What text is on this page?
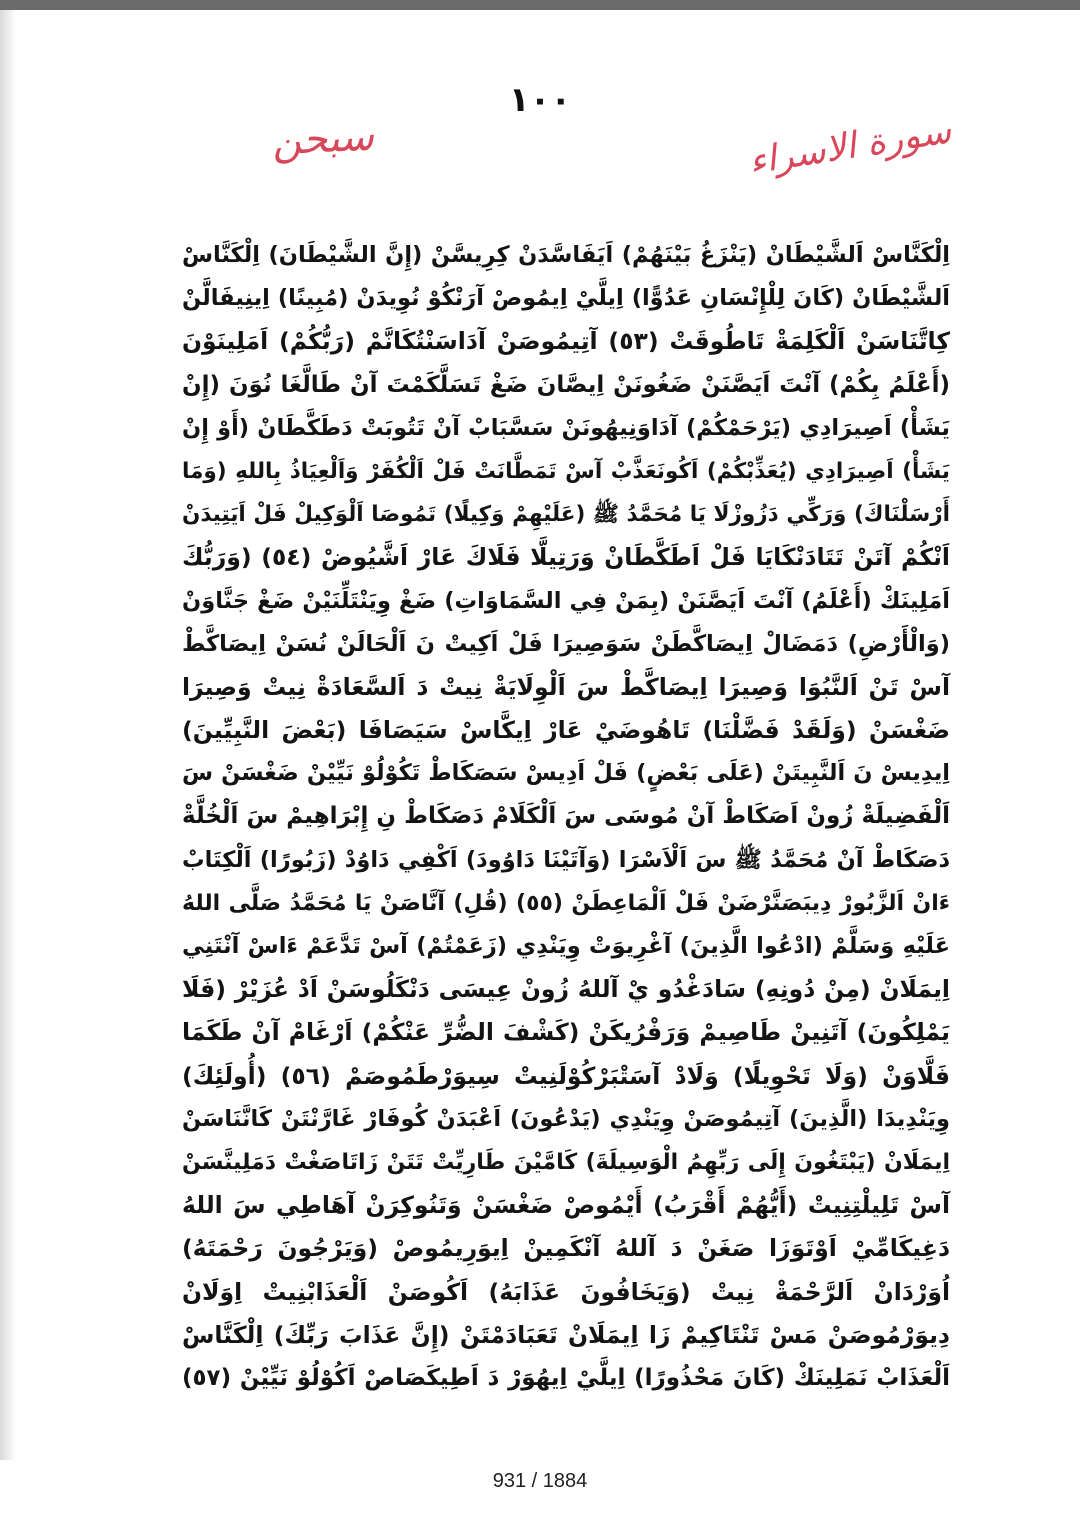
١٠٠
سبحن	سورة الاسراء
اِلْكَنَّاسْ اَلشَّيْطَانْ (يَنْزَغُ بَيْنَهُمْ) اَيَفَاسَّدَنْ كِرِيسَّنْ (إِنَّ الشَّيْطَانَ) اِلْكَنَّاسْ
اَلشَّيْطَانْ (كَانَ لِلْإِنْسَانِ عَدُوًّا) اِيلَّيْ اِيمُوصْ آرَنْكُوْ نُوِيدَنْ (مُبِينًا) اِينِيفَالَّنْ
كِاتَّنَاسَنْ اَلْكَلِمَةْ تَاطُوقَتْ (٥٣) آتِيمُوصَنْ آدَاسَنْتُكَانَّمْ (رَبُّكُمْ) اَمَلِينَوْنَ
(أَعْلَمُ بِكُمْ) آنْتَ اَيَصَّنَنْ ضَغُونَنْ اِيصَّانَ ضَغْ تَسَلَّكَمْتَ آنْ طَالَّغَا نُوَنَ (إِنْ
يَشَأْ) اَصِيرَادِي (يَرْحَمْكُمْ) آدَاوَنِيهُونَنْ سَسَّبَابْ آنْ تَتُوبَتْ دَطَكَّطَانْ (أَوْ إِنْ
يَشَأْ) اَصِيرَادِي (يُعَذِّبْكُمْ) اَكُونَعَذَّبْ آسْ تَمَطَّانَتْ فَلْ اَلْكُفَرْ وَاَلْعِيَاذُ بِاللهِ (وَمَا
أَرْسَلْنَاكَ) وَرَكِّي دَزُوزْلَا يَا مُحَمَّدُ ﷺ (عَلَيْهِمْ وَكِيلًا) تَمُوصَا اَلْوَكِيلْ فَلْ اَيَتِيدَنْ
اَنْكُمْ آتَنْ تَتَادَنْكَايَا فَلْ اَطَكَّطَانْ وَرَتِيلَّا فَلَاكَ عَارْ اَشَّيُوضْ (٥٤) (وَرَبُّكَ
اَمَلِينَكْ (أَعْلَمُ) آنْتَ اَيَصَّنَنْ (بِمَنْ فِي السَّمَاوَاتِ) ضَغْ وِيَنْتَلِّنَيْنْ ضَغْ جَنَّاوَنْ
(وَالْأَرْضِ) دَمَضَالْ اِيصَاكَّطَنْ سَوَصِيرَا فَلْ اَكِيتْ نَ اَلْحَالَنْ نُسَنْ اِيصَاكَّطْ
آسْ تَنْ اَلنَّبُوَا وَصِيرَا اِيصَاكَّطْ سَ اَلْوِلَايَةْ نِيتْ دَ اَلسَّعَادَةْ نِيتْ وَصِيرَا
ضَغْسَنْ (وَلَقَدْ فَضَّلْنَا) تَاهُوضَيْ عَارْ اِيكَّاسْ سَيَصَافَا (بَعْضَ النَّبِيِّينَ)
اِيدِيسْ نَ اَلنَّبِيتَنْ (عَلَى بَعْضٍ) فَلْ اَدِيسْ سَصَكَاطْ تَكُوْلُوْ نَيِّيْنْ ضَغْسَنْ سَ
اَلْفَضِيلَةْ زُونْ اَصَكَاطْ آنْ مُوسَى سَ اَلْكَلَامْ دَصَكَاطْ نِ إِبْرَاهِيمْ سَ اَلْخُلَّةْ
دَصَكَاطْ آنْ مُحَمَّدُ ﷺ سَ اَلْاَسْرَا (وَآتَيْنَا دَاوُودَ) اَكْفِي دَاوُدْ (زَبُورًا) اَلْكِتَابْ
ءَانْ اَلزَّبُورْ دِيبَصَنَّرْضَنْ فَلْ اَلْمَاعِطَنْ (٥٥) (قُلِ) آنَّاصَنْ يَا مُحَمَّدُ صَلَّى اللهُ
عَلَيْهِ وَسَلَّمْ (ادْعُوا الَّذِينَ) آغْرِيوَتْ وِيَنْدِي (زَعَمْتُمْ) آسْ تَدَّعَمْ ءَاسْ آنْتَنِي
اِيمَلَانْ (مِنْ دُونِهِ) سَادَغْدُو يْ آللهُ زُونْ عِيسَى دَنْكَلُوسَنْ اَدْ عُزَيْرْ (فَلَا
يَمْلِكُونَ) آتَنِينْ طَاصِيمْ وَرَفْرُيكَنْ (كَشْفَ الضُّرِّ عَنْكُمْ) اَرْغَامْ آنْ طَكَمَا
فَلَّاوَنْ (وَلَا تَحْوِيلًا) وَلَادْ آسَتْبَرْكُوْلَنِيتْ سِيوَرْطَمُوصَمْ (٥٦) (أُولَئِكَ)
وِيَنْدِيدَا (الَّذِينَ) آتِيمُوصَنْ وِيَنْدِي (يَدْعُونَ) اَعْبَدَنْ كُوفَارْ غَارَّنْتَنْ كَانَّنَاسَنْ
اِيمَلَانْ (يَبْتَغُونَ إِلَى رَبِّهِمُ الْوَسِيلَةَ) كَامَّيْنَ طَارِيِّتْ تَتَنْ زَاتَاصَغْتْ دَمَلِينَّسَنْ
آسْ تَلِيلْتِنِيتْ (أَيُّهُمْ أَقْرَبُ) أَيْمُوصْ ضَغْسَنْ وَتَنُوكِرَنْ آهَاطِي سَ اللهُ
دَغِيكَامِّيْ اَوْتَوَزَا صَغَنْ دَ آللهُ آنْكَمِينْ اِيوَرِيمُوصْ (وَيَرْجُونَ رَحْمَتَهُ)
اُوَرْدَانْ اَلرَّحْمَةْ نِيتْ (وَيَخَافُونَ عَذَابَهُ) اَكُوصَنْ اَلْعَذَابْنِيتْ اِوَلَانْ
دِيوَرْمُوصَنْ مَسْ تَنْتَاكِيمْ زَا اِيمَلَانْ تَعَبَادَمْتَنْ (إِنَّ عَذَابَ رَبِّكَ) اِلْكَنَّاسْ
اَلْعَذَابْ نَمَلِينَكْ (كَانَ مَحْذُورًا) اِيلَّيْ اِيهُوَرْ دَ اَطِيكَصَاصْ اَكُوْلُوْ نَيِّيْنْ (٥٧)
931 / 1884
